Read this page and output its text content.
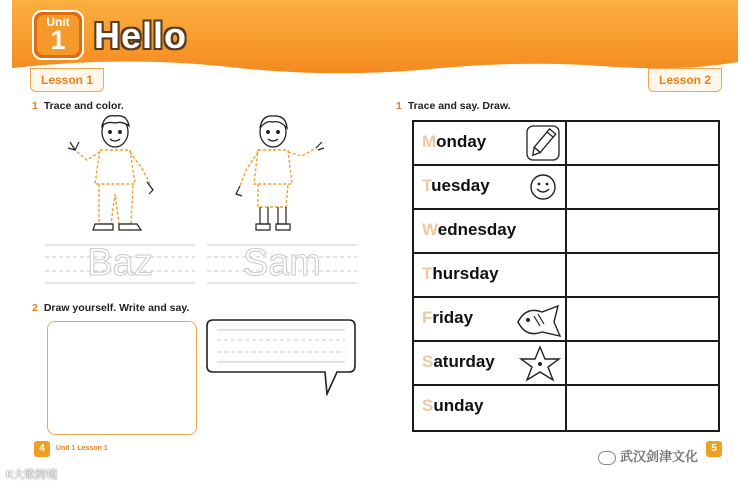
Unit
1 Hello
Lesson 1	Lesson 2
1 Trace and color.
Baz	Sam
2 Draw yourself. Write and say.
4	Unit 1 Lesson 1
1 Trace and say. Draw.
Monday
Tuesday
Wednesday
Thursday
Friday
Saturday
Sunday
5
武汉剑津文化
K大歌跨境
